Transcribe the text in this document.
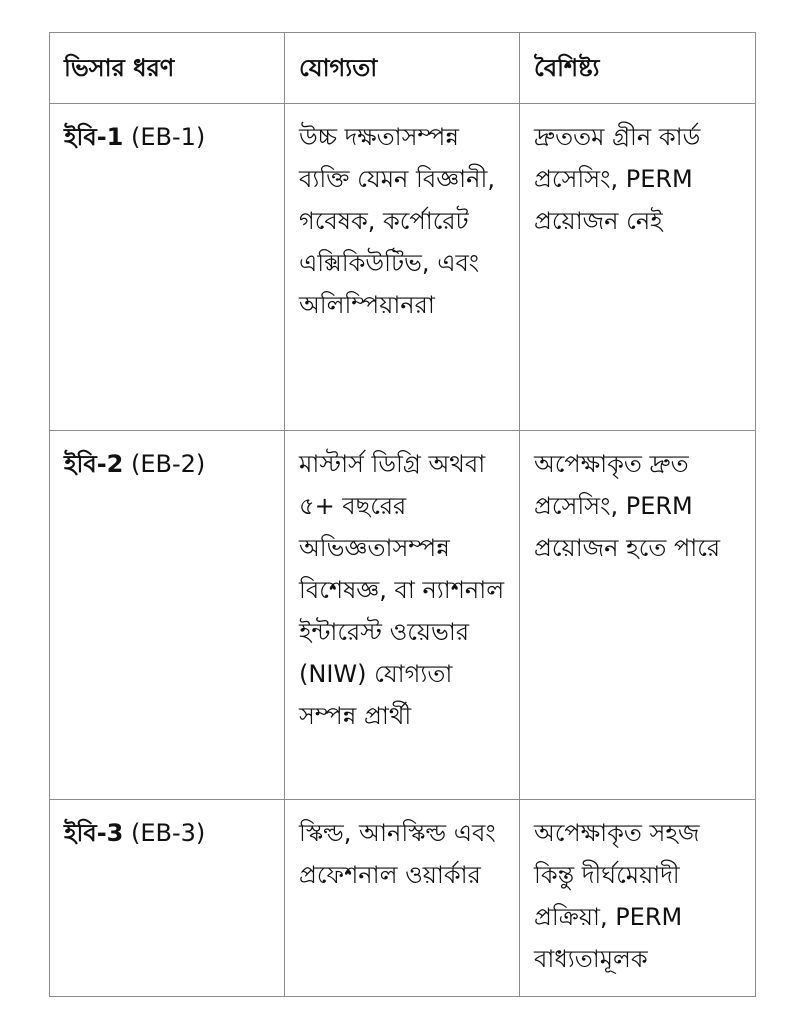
ভিসার ধরণ	যোগ্যতা	বৈশিষ্ট্য
ইবি-1 (EB-1)	উচ্চ দক্ষতাসম্পন্ন ব্যক্তি যেমন বিজ্ঞানী, গবেষক, কর্পোরেট এক্সিকিউটিভ, এবং অলিম্পিয়ানরা	দ্রুততম গ্রীন কার্ড প্রসেসিং, PERM প্রয়োজন নেই
ইবি-2 (EB-2)	মাস্টার্স ডিগ্রি অথবা ৫+ বছরের অভিজ্ঞতাসম্পন্ন বিশেষজ্ঞ, বা ন্যাশনাল ইন্টারেস্ট ওয়েভার (NIW) যোগ্যতা সম্পন্ন প্রার্থী	অপেক্ষাকৃত দ্রুত প্রসেসিং, PERM প্রয়োজন হতে পারে
ইবি-3 (EB-3)	স্কিল্ড, আনস্কিল্ড এবং প্রফেশনাল ওয়ার্কার	অপেক্ষাকৃত সহজ কিন্তু দীর্ঘমেয়াদী প্রক্রিয়া, PERM বাধ্যতামূলক
